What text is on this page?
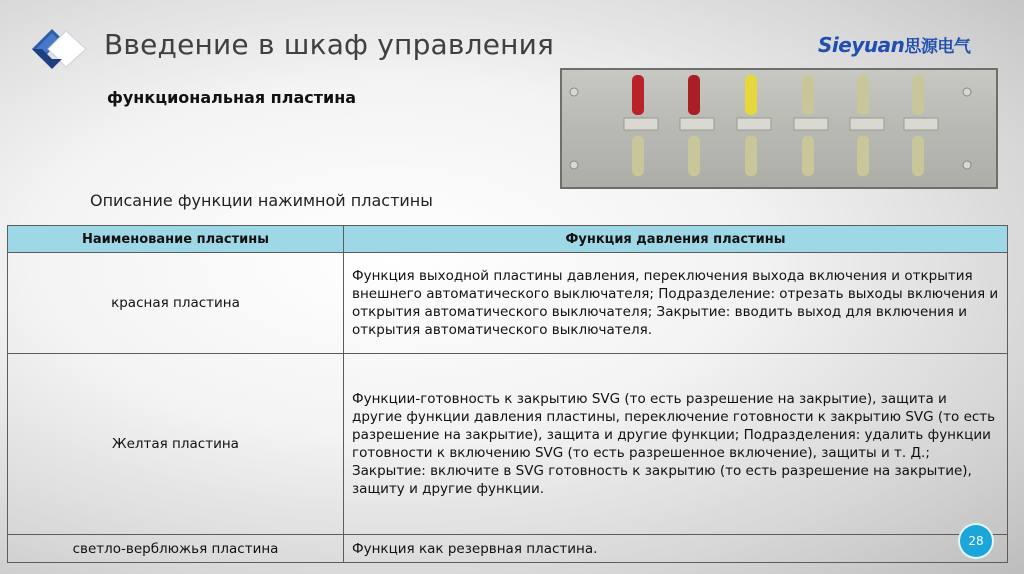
Введение в шкаф управления	Sieyuan思源电气
функциональная пластина
Описание функции нажимной пластины
Наименование пластины	Функция давления пластины
красная пластина	Функция выходной пластины давления, переключения выхода включения и открытия внешнего автоматического выключателя; Подразделение: отрезать выходы включения и открытия автоматического выключателя; Закрытие: вводить выход для включения и открытия автоматического выключателя.
Желтая пластина	Функции-готовность к закрытию SVG (то есть разрешение на закрытие), защита и другие функции давления пластины, переключение готовности к закрытию SVG (то есть разрешение на закрытие), защита и другие функции; Подразделения: удалить функции готовности к включению SVG (то есть разрешенное включение), защиты и т. Д.; Закрытие: включите в SVG готовность к закрытию (то есть разрешение на закрытие), защиту и другие функции.
светло-верблюжья пластина	Функция как резервная пластина.	28
